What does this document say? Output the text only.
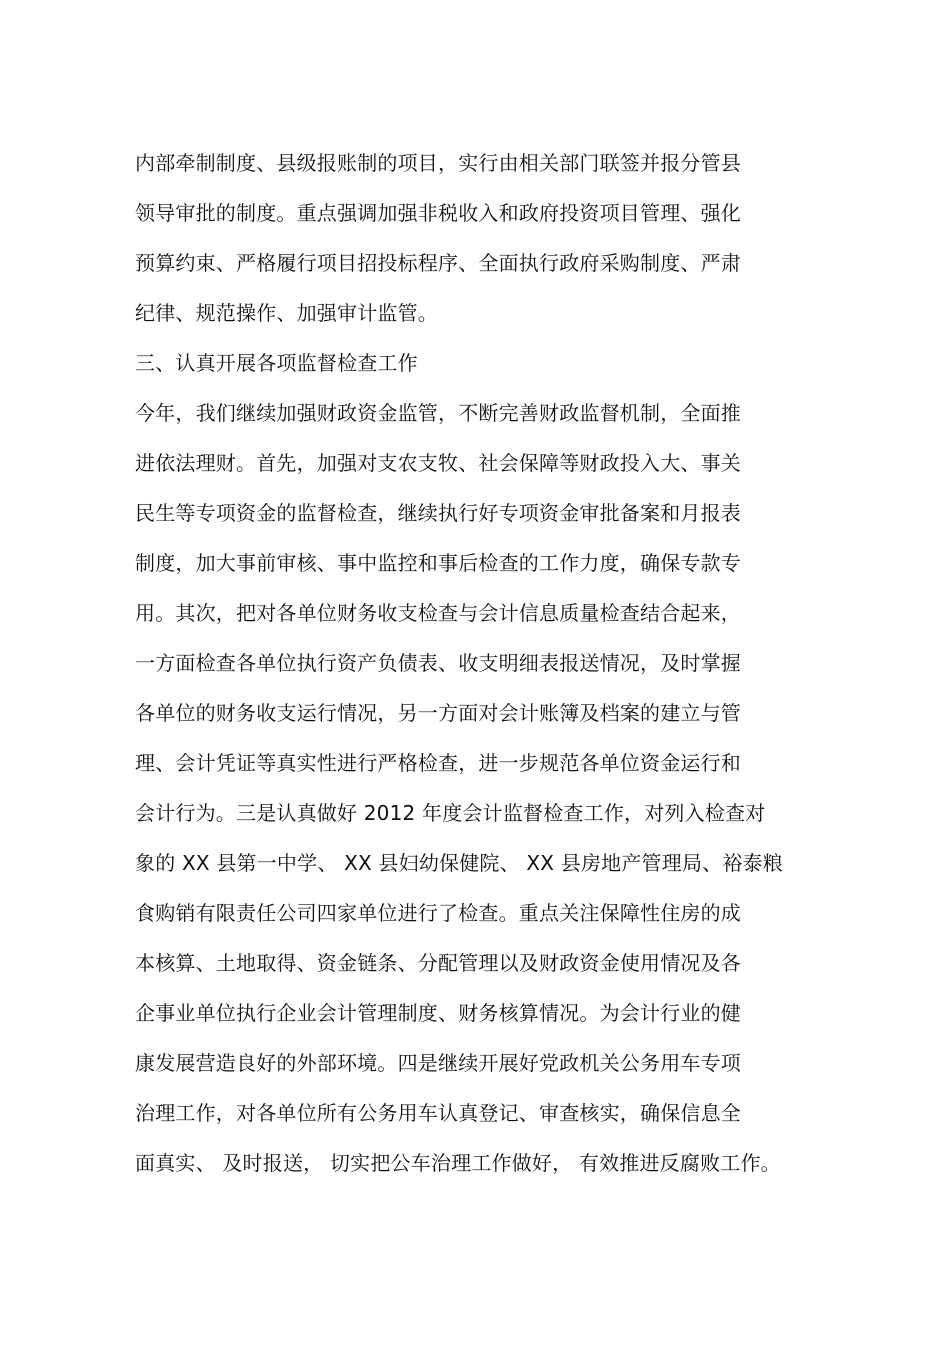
内部牵制制度、县级报账制的项目，实行由相关部门联签并报分管县
领导审批的制度。重点强调加强非税收入和政府投资项目管理、强化
预算约束、严格履行项目招投标程序、全面执行政府采购制度、严肃
纪律、规范操作、加强审计监管。
三、认真开展各项监督检查工作
今年，我们继续加强财政资金监管，不断完善财政监督机制，全面推
进依法理财。首先，加强对支农支牧、社会保障等财政投入大、事关
民生等专项资金的监督检查，继续执行好专项资金审批备案和月报表
制度，加大事前审核、事中监控和事后检查的工作力度，确保专款专
用。其次，把对各单位财务收支检查与会计信息质量检查结合起来，
一方面检查各单位执行资产负债表、收支明细表报送情况，及时掌握
各单位的财务收支运行情况，另一方面对会计账簿及档案的建立与管
理、会计凭证等真实性进行严格检查，进一步规范各单位资金运行和
会计行为。三是认真做好 2012 年度会计监督检查工作，对列入检查对
象的 XX 县第一中学、 XX 县妇幼保健院、 XX 县房地产管理局、裕泰粮
食购销有限责任公司四家单位进行了检查。重点关注保障性住房的成
本核算、土地取得、资金链条、分配管理以及财政资金使用情况及各
企事业单位执行企业会计管理制度、财务核算情况。为会计行业的健
康发展营造良好的外部环境。四是继续开展好党政机关公务用车专项
治理工作，对各单位所有公务用车认真登记、审查核实，确保信息全
面真实、 及时报送， 切实把公车治理工作做好， 有效推进反腐败工作。
